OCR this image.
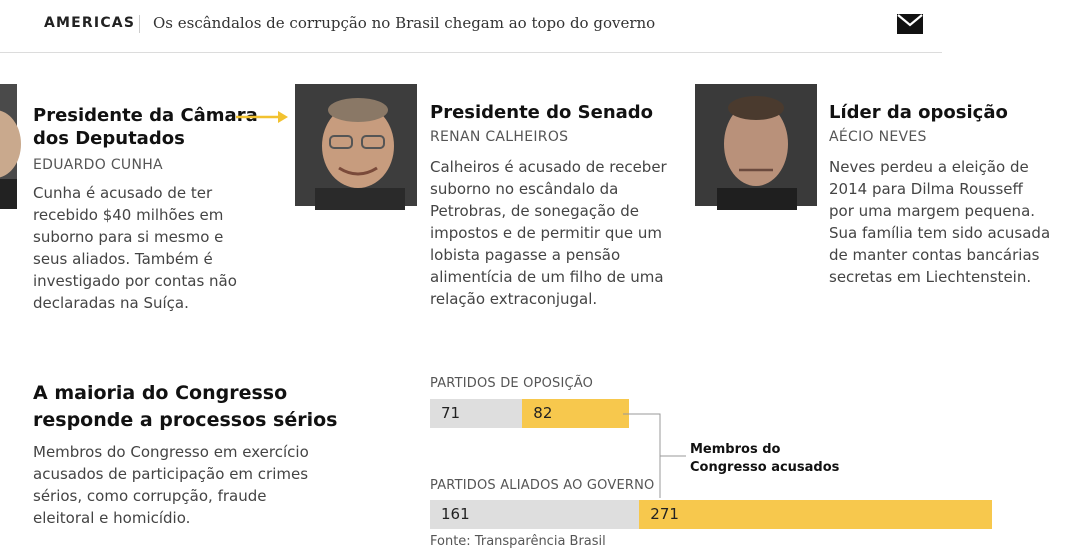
AMERICAS Os escândalos de corrupção no Brasil chegam ao topo do governo
Presidente da Câmara
dos Deputados
EDUARDO CUNHA
Cunha é acusado de ter
recebido $40 milhões em
suborno para si mesmo e
seus aliados. Também é
investigado por contas não
declaradas na Suíça.
Presidente do Senado
RENAN CALHEIROS
Calheiros é acusado de receber
suborno no escândalo da
Petrobras, de sonegação de
impostos e de permitir que um
lobista pagasse a pensão
alimentícia de um filho de uma
relação extraconjugal.
Líder da oposição
AÉCIO NEVES
Neves perdeu a eleição de
2014 para Dilma Rousseff
por uma margem pequena.
Sua família tem sido acusada
de manter contas bancárias
secretas em Liechtenstein.
A maioria do Congresso
responde a processos sérios
Membros do Congresso em exercício
acusados de participação em crimes
sérios, como corrupção, fraude
eleitoral e homicídio.
PARTIDOS DE OPOSIÇÃO
71	82
PARTIDOS ALIADOS AO GOVERNO
161	271
Membros do
Congresso acusados
Fonte: Transparência Brasil
